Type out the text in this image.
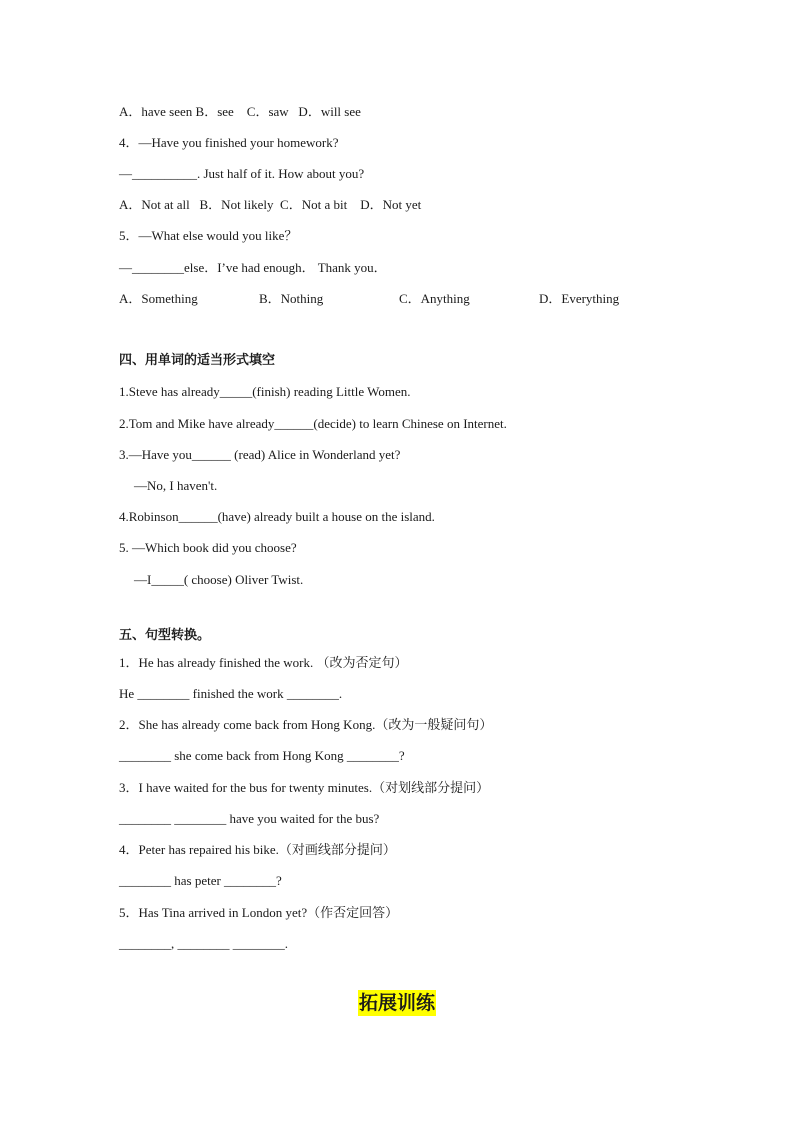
A．have seen B．see    C．saw   D．will see
4．—Have you finished your homework?
—__________. Just half of it. How about you?
A．Not at all   B．Not likely  C．Not a bit    D．Not yet
5．—What else would you like？
—________else．I’ve had enough． Thank you．
A．Something	B．Nothing	C．Anything	D．Everything
四、用单词的适当形式填空
1.Steve has already_____(finish) reading Little Women.
2.Tom and Mike have already______(decide) to learn Chinese on Internet.
3.—Have you______ (read) Alice in Wonderland yet?
—No, I haven't.
4.Robinson______(have) already built a house on the island.
5. —Which book did you choose?
—I_____( choose) Oliver Twist.
五、句型转换。
1．He has already finished the work. （改为否定句）
He ________ finished the work ________.
2．She has already come back from Hong Kong.（改为一般疑问句）
________ she come back from Hong Kong ________?
3．I have waited for the bus for twenty minutes.（对划线部分提问）
________ ________ have you waited for the bus?
4．Peter has repaired his bike.（对画线部分提问）
________ has peter ________?
5．Has Tina arrived in London yet?（作否定回答）
________, ________ ________.
拓展训练
